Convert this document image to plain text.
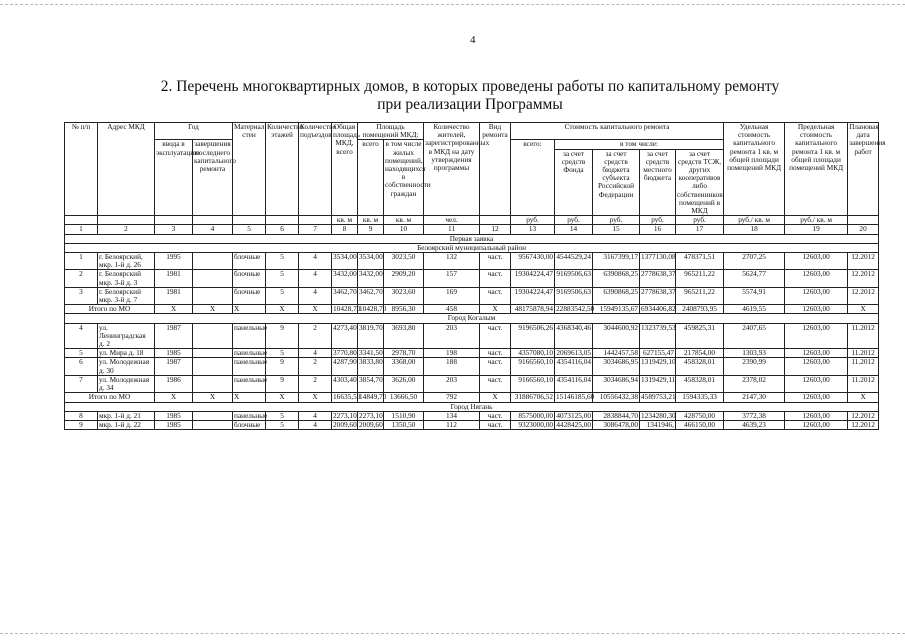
4
2. Перечень многоквартирных домов, в которых проведены работы по капитальному ремонту
при реализации Программы
№ п/п	Адрес МКД	Год		Материал стен	Количество этажей	Количество подъездов	Общая площадь МКД, всего	Площадь помещений МКД:		Количество жителей, зарегистрированных в МКД на дату утверждения программы	Вид ремонта	Стоимость капитального ремонта					Удельная стоимость капитального ремонта 1 кв. м общей площади помещений МКД	Предельная стоимость капитального ремонта 1 кв. м общей площади помещений МКД	Плановая дата завершения работ
		ввода в эксплуатацию	завершения последнего капитального ремонта					всего	в том числе жилых помещений, находящихся в собственности граждан			всего:	в том числе:						
													за счет средств Фонда	за счет средств бюджета субъекта Российской Федерации	за счет средств местного бюджета	за счет средств ТСЖ, других кооперативов либо собственников помещений в МКД			
							кв. м	кв. м	кв. м	чел.		руб.	руб.	руб.	руб.	руб.	руб./ кв. м	руб./ кв. м	
1	2	3	4	5	6	7	8	9	10	11	12	13	14	15	16	17	18	19	20
Первая заявка																			
Белоярский муниципальный район																			
1	г. Белоярский, мкр. 1-й д. 26	1995		блочные	5	4	3534,00	3534,00	3023,50	132	част.	9567430,00	4544529,24	3167399,17	1377130,08	478371,51	2707,25	12603,00	12.2012
2	г. Белоярский мкр. 3-й д. 3	1981		блочные	5	4	3432,00	3432,00	2909,20	157	част.	19304224,47	9169506,63	6390868,25	2778638,37	965211,22	5624,77	12603,00	12.2012
3	г. Белоярский мкр. 3-й д. 7	1981		блочные	5	4	3462,70	3462,70	3023,60	169	част.	19304224,47	9169506,63	6390868,25	2778638,37	965211,22	5574,91	12603,00	12.2012
Итого по МО		X	X	X	X	X	10428,70	10428,70	8956,30	458	X	48175878,94	22883542,50	15949135,67	6934406,82	2408793,95	4619,55	12603,00	X
Город Когалым																			
4	ул. Ленинградская д. 2	1987		панельные	9	2	4273,40	3819,70	3693,80	203	част.	9196506,26	4368340,46	3044600,92	1323739,53	459825,31	2407,65	12603,00	11.2012
5	ул. Мира д. 18	1985		панельные	5	4	3770,80	3341,50	2978,70	198	част.	4357080,10	2069613,05	1442457,58	627155,47	217854,00	1303,93	12603,00	11.2012
6	ул. Молодежная д. 30	1987		панельные	9	2	4287,90	3833,80	3368,00	188	част.	9166560,10	4354116,04	3034686,95	1319429,10	458328,01	2390,99	12603,00	11.2012
7	ул. Молодежная д. 34	1986		панельные	9	2	4303,40	3854,70	3626,00	203	част.	9166560,10	4354116,04	3034686,94	1319429,11	458328,01	2378,02	12603,00	11.2012
Итого по МО		X	X	X	X	X	16635,50	14849,70	13666,50	792	X	31886706,52	15146185,60	10556432,38	4589753,21	1594335,33	2147,30	12603,00	X
Город Нягань																			
8	мкр. 1-й д. 21	1985		панельные	5	4	2273,10	2273,10	1510,90	134	част.	8575000,00	4073125,00	2838844,70	1234280,30	428750,00	3772,38	12603,00	12.2012
9	мкр. 1-й д. 22	1985		блочные	5	4	2009,60	2009,60	1350,50	112	част.	9323000,00	4428425,00	3086478,00	1341946,	466150,00	4639,23	12603,00	12.2012
